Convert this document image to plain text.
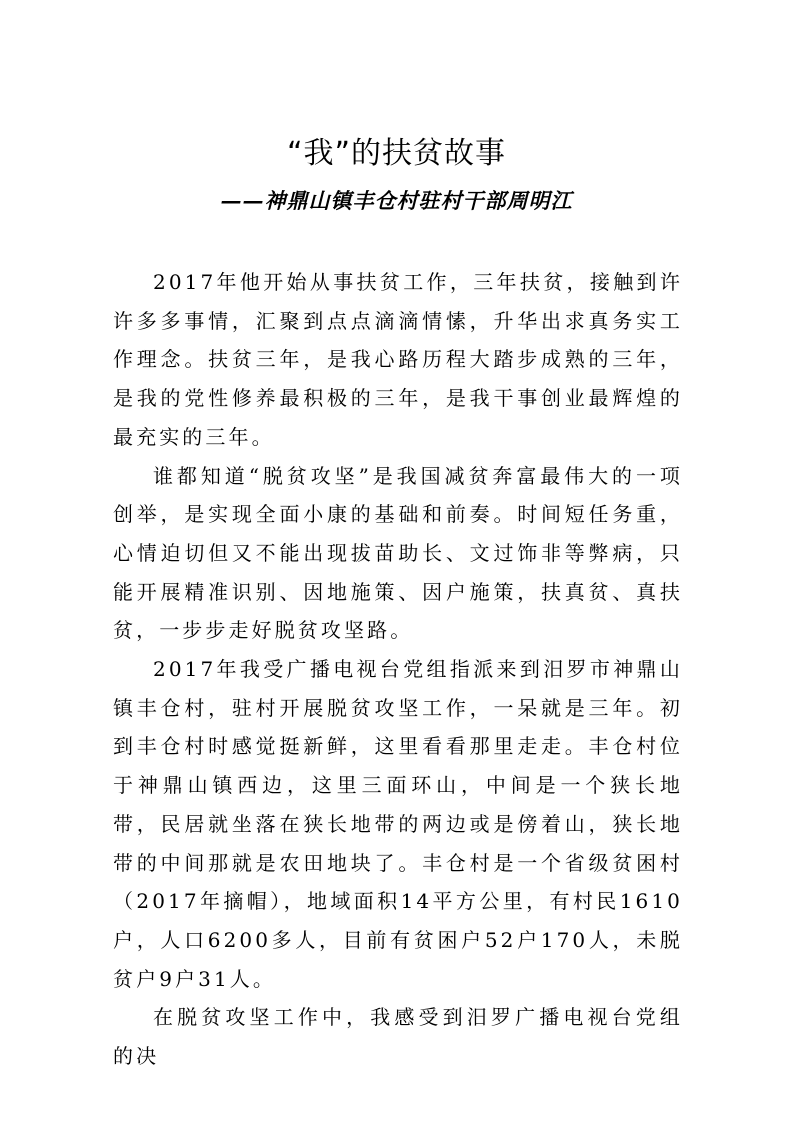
“我”的扶贫故事
——神鼎山镇丰仓村驻村干部周明江

2017年他开始从事扶贫工作，三年扶贫，接触到许许多多事情，汇聚到点点滴滴情愫，升华出求真务实工作理念。扶贫三年，是我心路历程大踏步成熟的三年，是我的党性修养最积极的三年，是我干事创业最辉煌的最充实的三年。

谁都知道“脱贫攻坚”是我国减贫奔富最伟大的一项创举，是实现全面小康的基础和前奏。时间短任务重，心情迫切但又不能出现拔苗助长、文过饰非等弊病，只能开展精准识别、因地施策、因户施策，扶真贫、真扶贫，一步步走好脱贫攻坚路。

2017年我受广播电视台党组指派来到汨罗市神鼎山镇丰仓村，驻村开展脱贫攻坚工作，一呆就是三年。初到丰仓村时感觉挺新鲜，这里看看那里走走。丰仓村位于神鼎山镇西边，这里三面环山，中间是一个狭长地带，民居就坐落在狭长地带的两边或是傍着山，狭长地带的中间那就是农田地块了。丰仓村是一个省级贫困村（2017年摘帽），地域面积14平方公里，有村民1610户，人口6200多人，目前有贫困户52户170人，未脱贫户9户31人。

在脱贫攻坚工作中，我感受到汨罗广播电视台党组的决
